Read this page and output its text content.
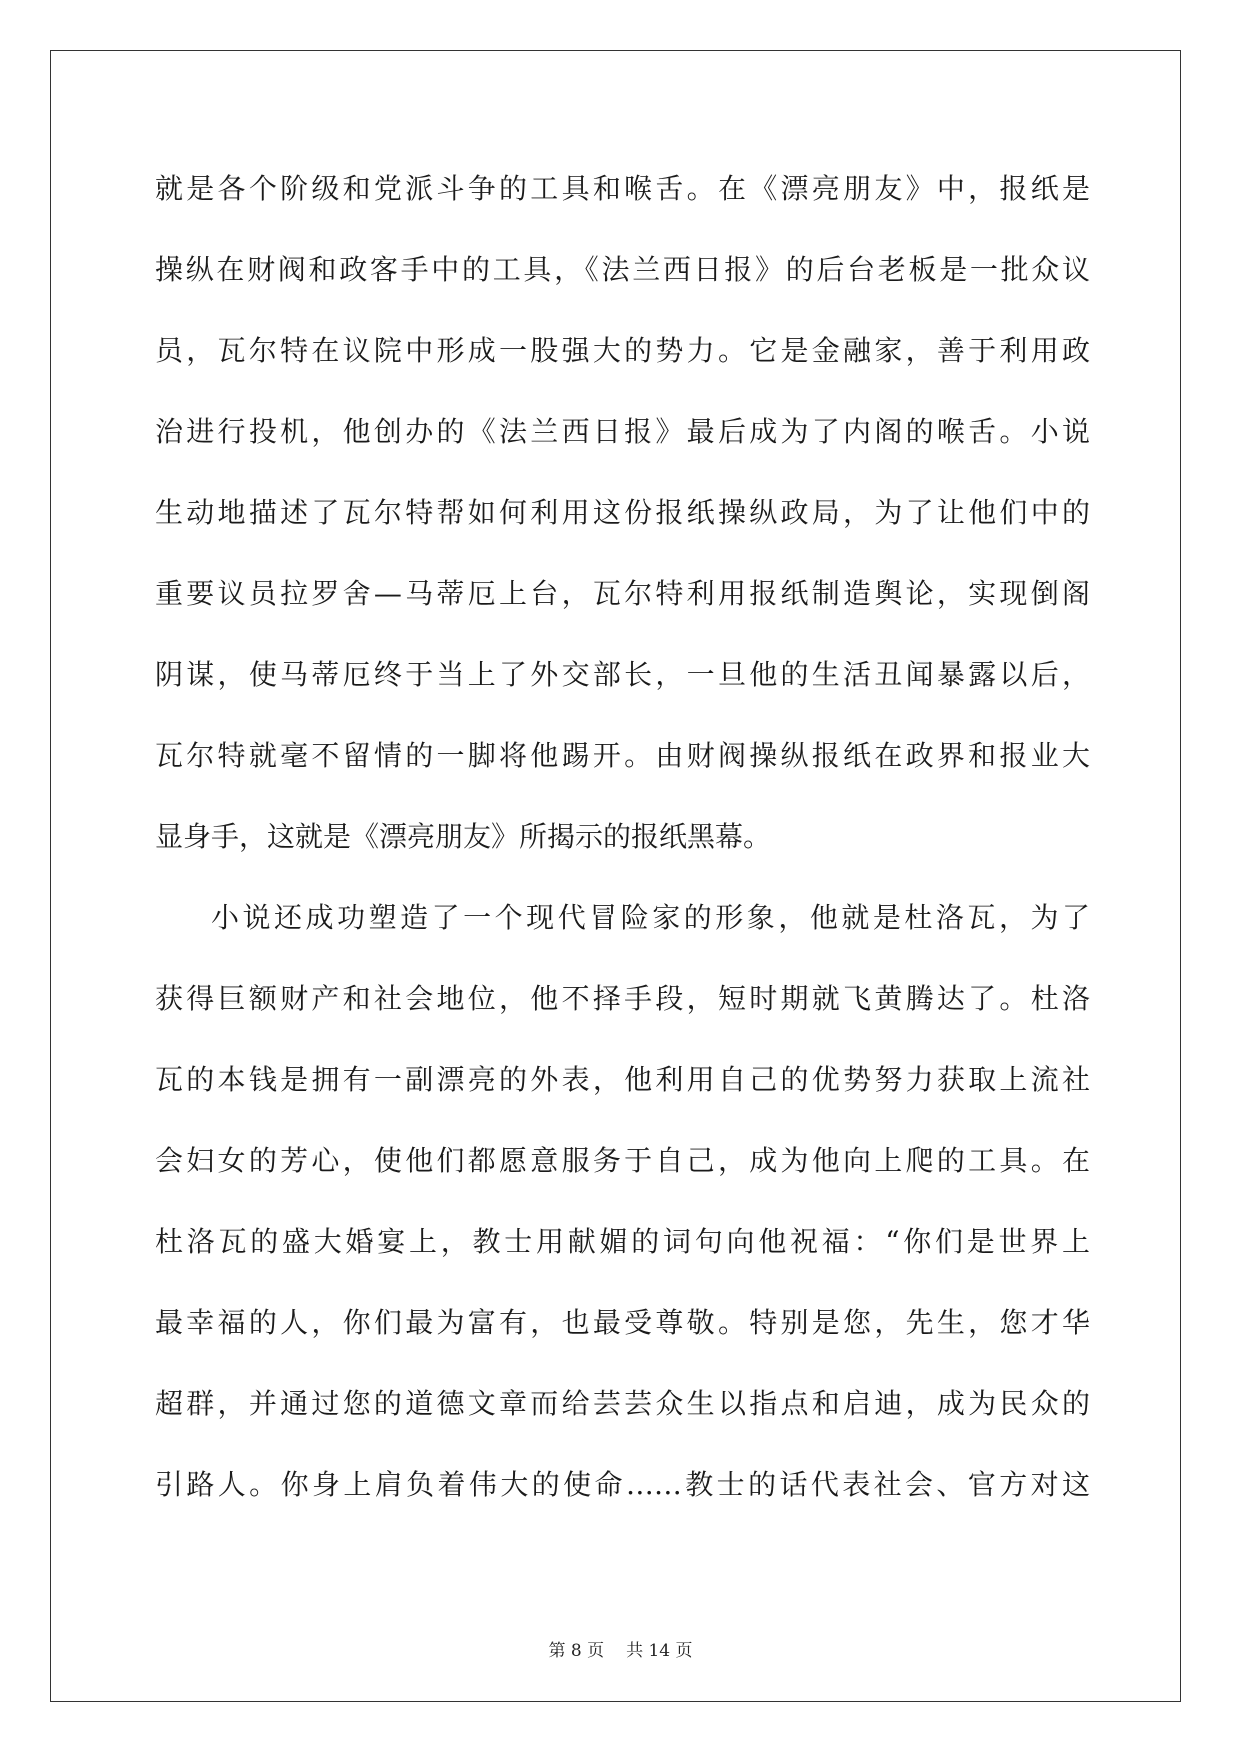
就是各个阶级和党派斗争的工具和喉舌。在《漂亮朋友》中，报纸是
操纵在财阀和政客手中的工具，《法兰西日报》的后台老板是一批众议
员，瓦尔特在议院中形成一股强大的势力。它是金融家，善于利用政
治进行投机，他创办的《法兰西日报》最后成为了内阁的喉舌。小说
生动地描述了瓦尔特帮如何利用这份报纸操纵政局，为了让他们中的
重要议员拉罗舍—马蒂厄上台，瓦尔特利用报纸制造舆论，实现倒阁
阴谋，使马蒂厄终于当上了外交部长，一旦他的生活丑闻暴露以后，
瓦尔特就毫不留情的一脚将他踢开。由财阀操纵报纸在政界和报业大
显身手，这就是《漂亮朋友》所揭示的报纸黑幕。
小说还成功塑造了一个现代冒险家的形象，他就是杜洛瓦，为了
获得巨额财产和社会地位，他不择手段，短时期就飞黄腾达了。杜洛
瓦的本钱是拥有一副漂亮的外表，他利用自己的优势努力获取上流社
会妇女的芳心，使他们都愿意服务于自己，成为他向上爬的工具。在
杜洛瓦的盛大婚宴上，教士用献媚的词句向他祝福：“你们是世界上
最幸福的人，你们最为富有，也最受尊敬。特别是您，先生，您才华
超群，并通过您的道德文章而给芸芸众生以指点和启迪，成为民众的
引路人。你身上肩负着伟大的使命……教士的话代表社会、官方对这
第 8 页 共 14 页
